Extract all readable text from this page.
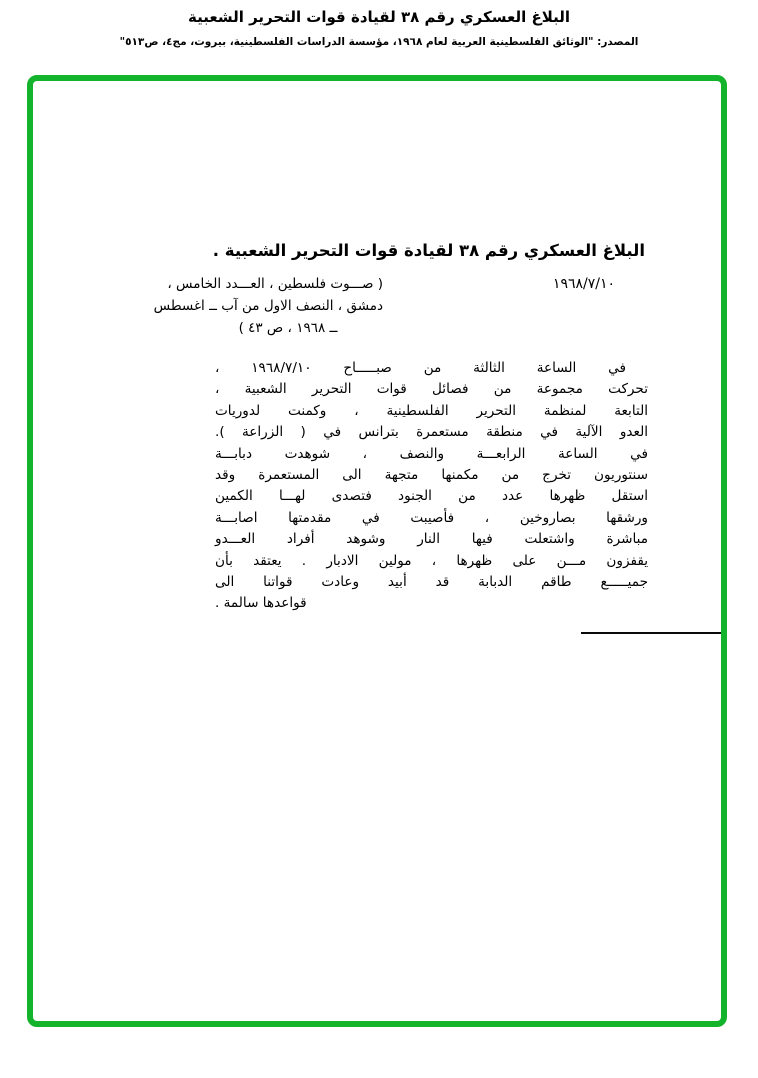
البلاغ العسكري رقم ٣٨ لقيادة قوات التحرير الشعبية
المصدر: "الوثائق الفلسطينية العربية لعام ١٩٦٨، مؤسسة الدراسات الفلسطينية، بيروت، مج٤، ص٥١٣"
البلاغ العسكري رقم ٣٨ لقيادة قوات التحرير الشعبية .
١٩٦٨/٧/١٠
( صـــوت فلسطين ، العـــدد الخامس ،
دمشق ، النصف الاول من آب ــ اغسطس
ــ ١٩٦٨ ، ص ٤٣ )
في الساعة الثالثة من صبـــــاح ١٩٦٨/٧/١٠ ،
تحركت مجموعة من فصائل قوات التحرير الشعبية ،
التابعة لمنظمة التحرير الفلسطينية ، وكمنت لدوريات
العدو الآلية في منطقة مستعمرة بترانس في ( الزراعة ).
في الساعة الرابعـــة والنصف ، شوهدت دبابـــة
سنتوريون تخرج من مكمنها متجهة الى المستعمرة وقد
استقل ظهرها عدد من الجنود فتصدى لهـــا الكمين
ورشقها بصاروخين ، فأصيبت في مقدمتها اصابـــة
مباشرة واشتعلت فيها النار وشوهد أفراد العـــدو
يقفزون مـــن على ظهرها ، مولين الادبار . يعتقد بأن
جميـــــع طاقم الدبابة قد أبيد وعادت قواتنا الى
قواعدها سالمة .
